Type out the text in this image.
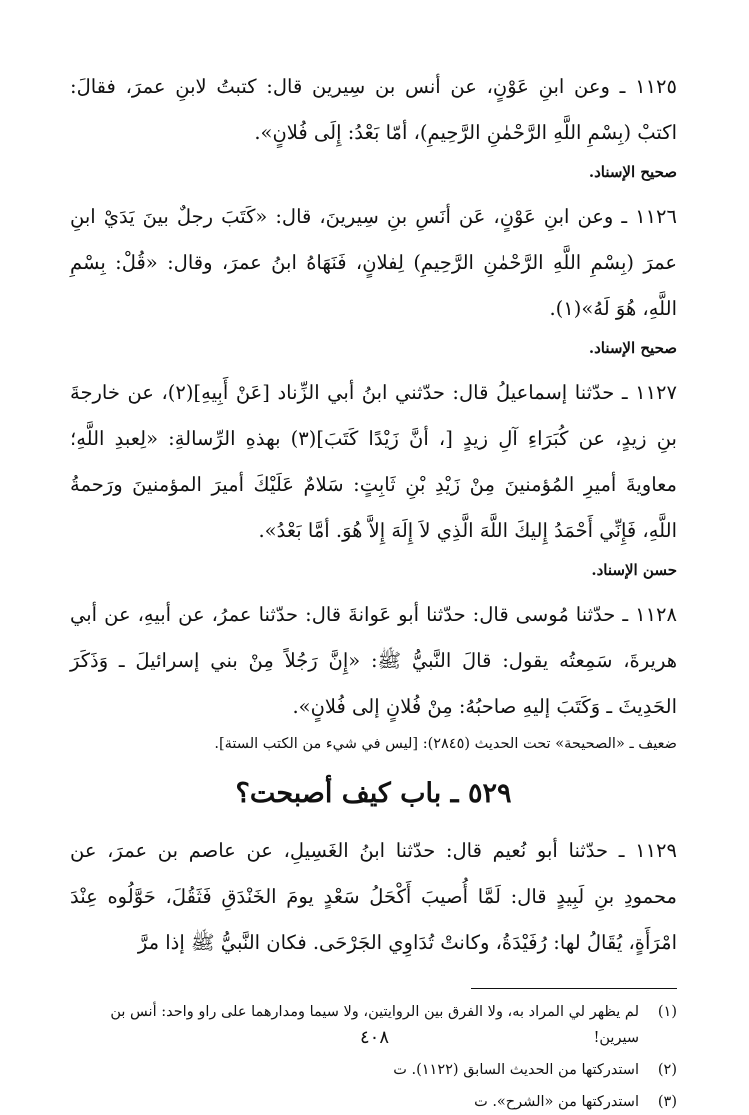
١١٢٥ ـ وعن ابنِ عَوْنٍ، عن أنس بن سِيرين قال: كتبتُ لابنِ عمرَ، فقالَ: اكتبْ (بِسْمِ اللَّهِ الرَّحْمٰنِ الرَّحِيمِ)، أمّا بَعْدُ: إِلَى فُلانٍ».

صحيح الإسناد.

١١٢٦ ـ وعن ابنِ عَوْنٍ، عَن أنَسِ بنِ سِيرينَ، قال: «كَتَبَ رجلٌ بينَ يَدَيْ ابنِ عمرَ (بِسْمِ اللَّهِ الرَّحْمٰنِ الرَّحِيمِ) لِفلانٍ، فَنَهَاهُ ابنُ عمرَ، وقال: «قُلْ: بِسْمِ اللَّهِ، هُوَ لَهُ»(١).

صحيح الإسناد.

١١٢٧ ـ حدّثنا إسماعيلُ قال: حدّثني ابنُ أبي الزِّناد [عَنْ أَبِيهِ](٢)، عن خارجةَ بنِ زيدٍ، عن كُبَرَاءِ آلِ زيدٍ [، أنَّ زَيْدًا كَتَبَ](٣) بهذهِ الرِّسالةِ: «لِعبدِ اللَّهِ؛ معاويةَ أميرِ المُؤمنينَ مِنْ زَيْدِ بْنِ ثَابِتٍ: سَلامٌ عَلَيْكَ أميرَ المؤمنينَ ورَحمةُ اللَّهِ، فَإِنِّي أَحْمَدُ إِليكَ اللَّهَ الَّذِي لاَ إِلَهَ إِلاَّ هُوَ. أمَّا بَعْدُ».

حسن الإسناد.

١١٢٨ ـ حدّثنا مُوسى قال: حدّثنا أبو عَوانةَ قال: حدّثنا عمرُ، عن أبيهِ، عن أبي هريرةَ، سَمِعتُه يقول: قالَ النَّبيُّ ﷺ: «إِنَّ رَجُلاً مِنْ بني إسرائيلَ ـ وَذَكَرَ الحَدِيثَ ـ وَكَتَبَ إليهِ صاحبُهُ: مِنْ فُلانٍ إلى فُلانٍ».

ضعيف ـ «الصحيحة» تحت الحديث (٢٨٤٥): [ليس في شيء من الكتب الستة].
٥٢٩ ـ باب كيف أصبحت؟

١١٢٩ ـ حدّثنا أبو نُعيم قال: حدّثنا ابنُ الغَسِيلِ، عن عاصم بن عمرَ، عن محمودِ بنِ لَبِيدٍ قال: لَمَّا أُصيبَ أَكْحَلُ سَعْدٍ يومَ الخَنْدَقِ فَثَقُلَ، حَوَّلُوه عِنْدَ امْرَأَةٍ، يُقَالُ لها: رُفَيْدَةُ، وكانتْ تُدَاوِي الجَرْحَى. فكان النَّبيُّ ﷺ إذا مرَّ

(١)
لم يظهر لي المراد به، ولا الفرق بين الروايتين، ولا سيما ومدارهما على راو واحد: أنس بن سيرين!
(٢)
استدركتها من الحديث السابق (١١٢٢). ت
(٣)
استدركتها من «الشرح». ت
٤٠٨
